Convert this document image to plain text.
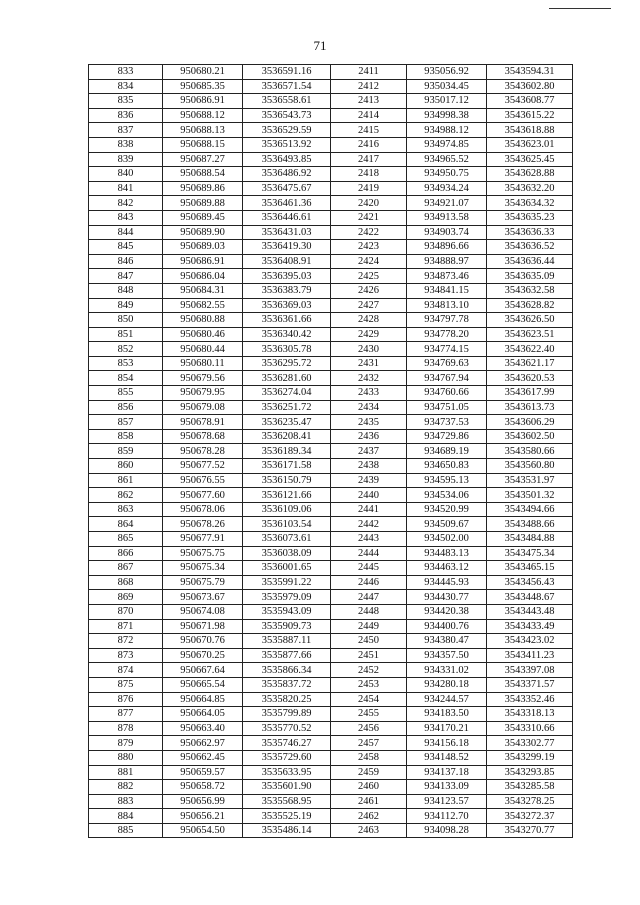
71
833	950680.21	3536591.16	2411	935056.92	3543594.31
834	950685.35	3536571.54	2412	935034.45	3543602.80
835	950686.91	3536558.61	2413	935017.12	3543608.77
836	950688.12	3536543.73	2414	934998.38	3543615.22
837	950688.13	3536529.59	2415	934988.12	3543618.88
838	950688.15	3536513.92	2416	934974.85	3543623.01
839	950687.27	3536493.85	2417	934965.52	3543625.45
840	950688.54	3536486.92	2418	934950.75	3543628.88
841	950689.86	3536475.67	2419	934934.24	3543632.20
842	950689.88	3536461.36	2420	934921.07	3543634.32
843	950689.45	3536446.61	2421	934913.58	3543635.23
844	950689.90	3536431.03	2422	934903.74	3543636.33
845	950689.03	3536419.30	2423	934896.66	3543636.52
846	950686.91	3536408.91	2424	934888.97	3543636.44
847	950686.04	3536395.03	2425	934873.46	3543635.09
848	950684.31	3536383.79	2426	934841.15	3543632.58
849	950682.55	3536369.03	2427	934813.10	3543628.82
850	950680.88	3536361.66	2428	934797.78	3543626.50
851	950680.46	3536340.42	2429	934778.20	3543623.51
852	950680.44	3536305.78	2430	934774.15	3543622.40
853	950680.11	3536295.72	2431	934769.63	3543621.17
854	950679.56	3536281.60	2432	934767.94	3543620.53
855	950679.95	3536274.04	2433	934760.66	3543617.99
856	950679.08	3536251.72	2434	934751.05	3543613.73
857	950678.91	3536235.47	2435	934737.53	3543606.29
858	950678.68	3536208.41	2436	934729.86	3543602.50
859	950678.28	3536189.34	2437	934689.19	3543580.66
860	950677.52	3536171.58	2438	934650.83	3543560.80
861	950676.55	3536150.79	2439	934595.13	3543531.97
862	950677.60	3536121.66	2440	934534.06	3543501.32
863	950678.06	3536109.06	2441	934520.99	3543494.66
864	950678.26	3536103.54	2442	934509.67	3543488.66
865	950677.91	3536073.61	2443	934502.00	3543484.88
866	950675.75	3536038.09	2444	934483.13	3543475.34
867	950675.34	3536001.65	2445	934463.12	3543465.15
868	950675.79	3535991.22	2446	934445.93	3543456.43
869	950673.67	3535979.09	2447	934430.77	3543448.67
870	950674.08	3535943.09	2448	934420.38	3543443.48
871	950671.98	3535909.73	2449	934400.76	3543433.49
872	950670.76	3535887.11	2450	934380.47	3543423.02
873	950670.25	3535877.66	2451	934357.50	3543411.23
874	950667.64	3535866.34	2452	934331.02	3543397.08
875	950665.54	3535837.72	2453	934280.18	3543371.57
876	950664.85	3535820.25	2454	934244.57	3543352.46
877	950664.05	3535799.89	2455	934183.50	3543318.13
878	950663.40	3535770.52	2456	934170.21	3543310.66
879	950662.97	3535746.27	2457	934156.18	3543302.77
880	950662.45	3535729.60	2458	934148.52	3543299.19
881	950659.57	3535633.95	2459	934137.18	3543293.85
882	950658.72	3535601.90	2460	934133.09	3543285.58
883	950656.99	3535568.95	2461	934123.57	3543278.25
884	950656.21	3535525.19	2462	934112.70	3543272.37
885	950654.50	3535486.14	2463	934098.28	3543270.77
